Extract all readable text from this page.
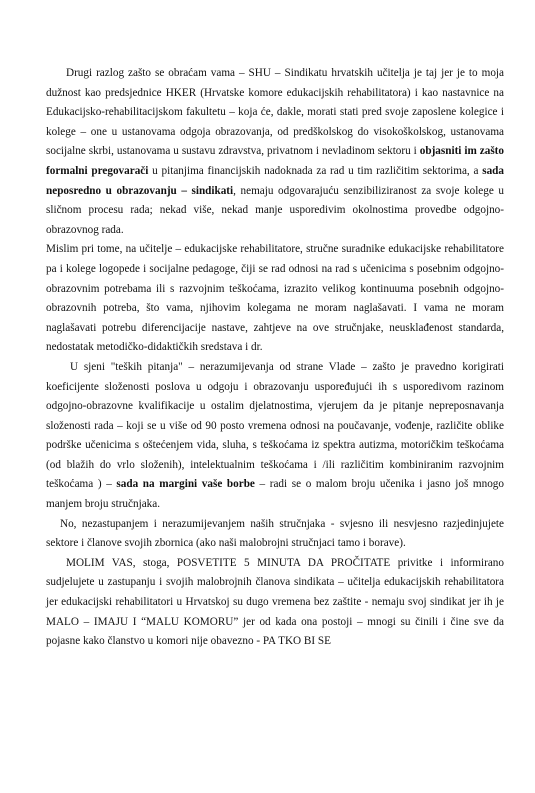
Drugi razlog zašto se obraćam vama – SHU – Sindikatu hrvatskih učitelja je taj jer je to moja dužnost kao predsjednice HKER (Hrvatske komore edukacijskih rehabilitatora) i kao nastavnice na Edukacijsko-rehabilitacijskom fakultetu – koja će, dakle, morati stati pred svoje zaposlene kolegice i kolege – one u ustanovama odgoja obrazovanja, od predškolskog do visokoškolskog, ustanovama socijalne skrbi, ustanovama u sustavu zdravstva, privatnom i nevladinom sektoru i objasniti im zašto formalni pregovarači u pitanjima financijskih nadoknada za rad u tim različitim sektorima, a sada neposredno u obrazovanju – sindikati, nemaju odgovarajuću senzibiliziranost za svoje kolege u sličnom procesu rada; nekad više, nekad manje usporedivim okolnostima provedbe odgojno-obrazovnog rada.

Mislim pri tome, na učitelje – edukacijske rehabilitatore, stručne suradnike edukacijske rehabilitatore pa i kolege logopede i socijalne pedagoge, čiji se rad odnosi na rad s učenicima s posebnim odgojno-obrazovnim potrebama ili s razvojnim teškoćama, izrazito velikog kontinuuma posebnih odgojno-obrazovnih potreba, što vama, njihovim kolegama ne moram naglašavati. I vama ne moram naglašavati potrebu diferencijacije nastave, zahtjeve na ove stručnjake, neusklađenost standarda, nedostatak metodičko-didaktičkih sredstava i dr.

U sjeni "teških pitanja" – nerazumijevanja od strane Vlade – zašto je pravedno korigirati koeficijente složenosti poslova u odgoju i obrazovanju uspoređujući ih s usporedivom razinom odgojno-obrazovne kvalifikacije u ostalim djelatnostima, vjerujem da je pitanje nepreposnavanja složenosti rada – koji se u više od 90 posto vremena odnosi na poučavanje, vođenje, različite oblike podrške učenicima s oštećenjem vida, sluha, s teškoćama iz spektra autizma, motoričkim teškoćama (od blažih do vrlo složenih), intelektualnim teškoćama i /ili različitim kombiniranim razvojnim teškoćama ) – sada na margini vaše borbe – radi se o malom broju učenika i jasno još mnogo manjem broju stručnjaka.

No, nezastupanjem i nerazumijevanjem naših stručnjaka - svjesno ili nesvjesno razjedinjujete sektore i članove svojih zbornica (ako naši malobrojni stručnjaci tamo i borave).

MOLIM VAS, stoga, POSVETITE 5 MINUTA DA PROČITATE privitke i informirano sudjelujete u zastupanju i svojih malobrojnih članova sindikata – učitelja edukacijskih rehabilitatora jer edukacijski rehabilitatori u Hrvatskoj su dugo vremena bez zaštite - nemaju svoj sindikat jer ih je MALO – IMAJU I “MALU KOMORU” jer od kada ona postoji – mnogi su činili i čine sve da pojasne kako članstvo u komori nije obavezno - PA TKO BI SE
